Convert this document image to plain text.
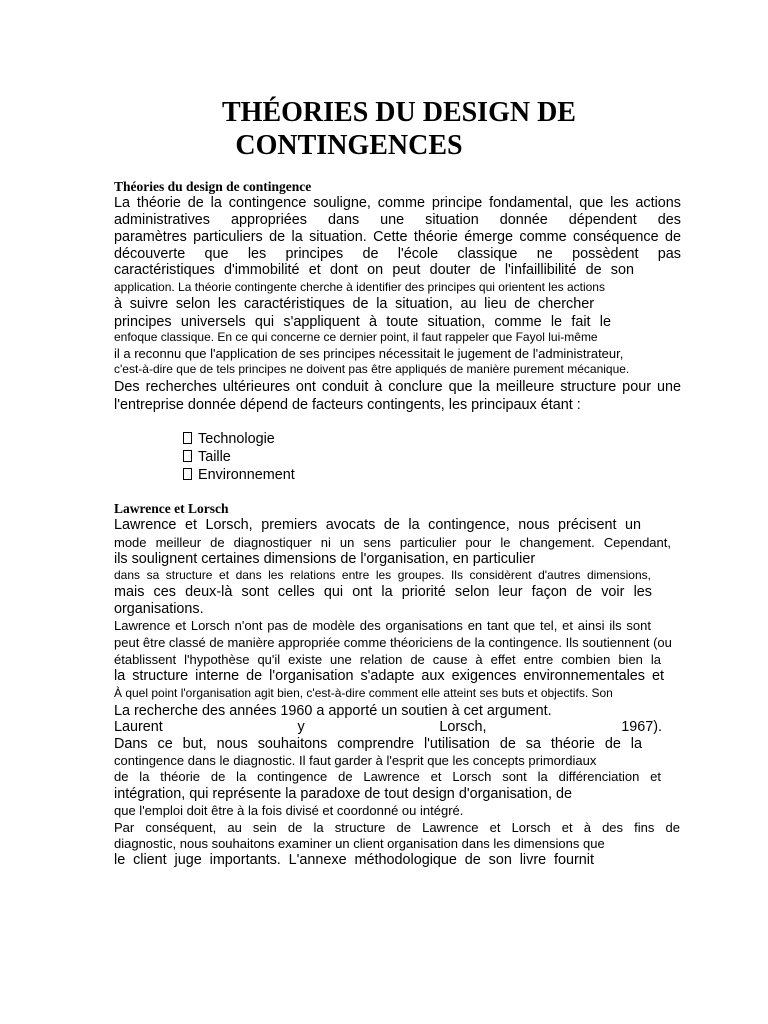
THÉORIES DU DESIGN DE
CONTINGENCES
Théories du design de contingence
La théorie de la contingence souligne, comme principe fondamental, que les actions
administratives appropriées dans une situation donnée dépendent des
paramètres particuliers de la situation. Cette théorie émerge comme conséquence de
découverte que les principes de l'école classique ne possèdent pas
caractéristiques d'immobilité et dont on peut douter de l'infaillibilité de son
application. La théorie contingente cherche à identifier des principes qui orientent les actions
à suivre selon les caractéristiques de la situation, au lieu de chercher
principes universels qui s'appliquent à toute situation, comme le fait le
enfoque classique. En ce qui concerne ce dernier point, il faut rappeler que Fayol lui-même
il a reconnu que l'application de ses principes nécessitait le jugement de l'administrateur,
c'est-à-dire que de tels principes ne doivent pas être appliqués de manière purement mécanique.
Des recherches ultérieures ont conduit à conclure que la meilleure structure pour une
l'entreprise donnée dépend de facteurs contingents, les principaux étant :
Technologie
Taille
Environnement
Lawrence et Lorsch
Lawrence et Lorsch, premiers avocats de la contingence, nous précisent un
mode meilleur de diagnostiquer ni un sens particulier pour le changement. Cependant,
ils soulignent certaines dimensions de l'organisation, en particulier
dans sa structure et dans les relations entre les groupes. Ils considèrent d'autres dimensions,
mais ces deux-là sont celles qui ont la priorité selon leur façon de voir les
organisations.
Lawrence et Lorsch n'ont pas de modèle des organisations en tant que tel, et ainsi ils sont
peut être classé de manière appropriée comme théoriciens de la contingence. Ils soutiennent (ou
établissent l'hypothèse qu'il existe une relation de cause à effet entre combien bien la
la structure interne de l'organisation s'adapte aux exigences environnementales et
À quel point l'organisation agit bien, c'est-à-dire comment elle atteint ses buts et objectifs. Son
La recherche des années 1960 a apporté un soutien à cet argument.
Laurent y Lorsch, 1967).
Dans ce but, nous souhaitons comprendre l'utilisation de sa théorie de la
contingence dans le diagnostic. Il faut garder à l'esprit que les concepts primordiaux
de la théorie de la contingence de Lawrence et Lorsch sont la différenciation et
intégration, qui représente la paradoxe de tout design d'organisation, de
que l'emploi doit être à la fois divisé et coordonné ou intégré.
Par conséquent, au sein de la structure de Lawrence et Lorsch et à des fins de
diagnostic, nous souhaitons examiner un client organisation dans les dimensions que
le client juge importants. L'annexe méthodologique de son livre fournit
